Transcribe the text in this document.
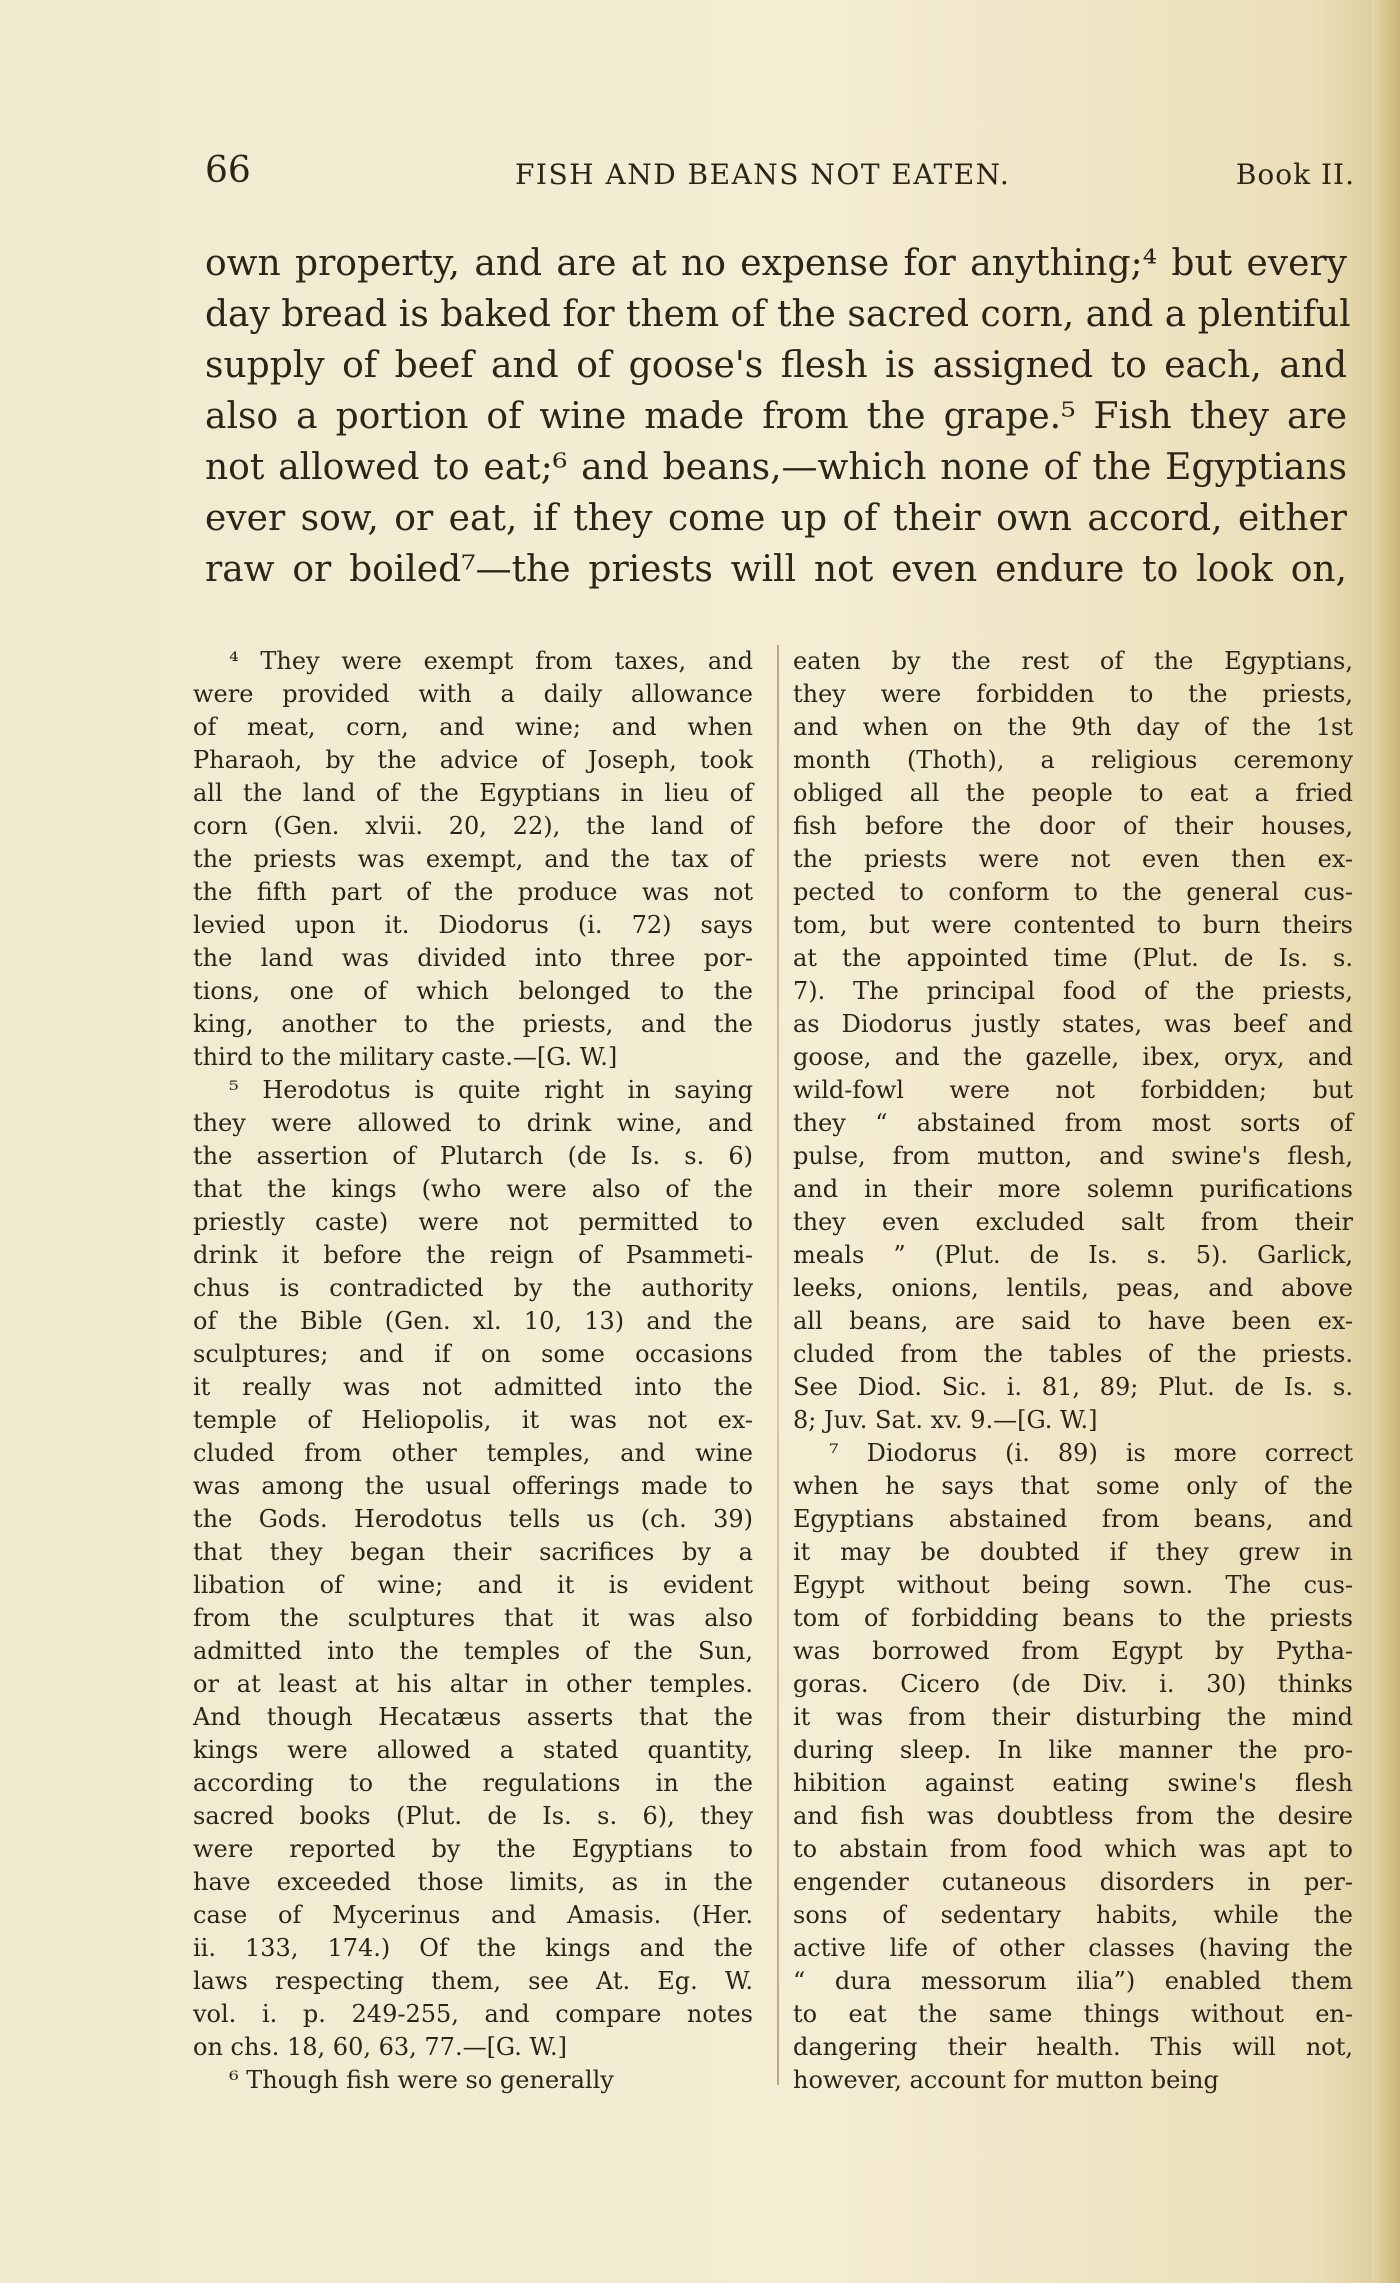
66	FISH AND BEANS NOT EATEN.	Book II.
own property, and are at no expense for anything;⁴ but every
day bread is baked for them of the sacred corn, and a plentiful
supply of beef and of goose's flesh is assigned to each, and
also a portion of wine made from the grape.⁵ Fish they are
not allowed to eat;⁶ and beans,—which none of the Egyptians
ever sow, or eat, if they come up of their own accord, either
raw or boiled⁷—the priests will not even endure to look on,
⁴ They were exempt from taxes, and
were provided with a daily allowance
of meat, corn, and wine; and when
Pharaoh, by the advice of Joseph, took
all the land of the Egyptians in lieu of
corn (Gen. xlvii. 20, 22), the land of
the priests was exempt, and the tax of
the fifth part of the produce was not
levied upon it. Diodorus (i. 72) says
the land was divided into three por-
tions, one of which belonged to the
king, another to the priests, and the
third to the military caste.—[G. W.]
⁵ Herodotus is quite right in saying
they were allowed to drink wine, and
the assertion of Plutarch (de Is. s. 6)
that the kings (who were also of the
priestly caste) were not permitted to
drink it before the reign of Psammeti-
chus is contradicted by the authority
of the Bible (Gen. xl. 10, 13) and the
sculptures; and if on some occasions
it really was not admitted into the
temple of Heliopolis, it was not ex-
cluded from other temples, and wine
was among the usual offerings made to
the Gods. Herodotus tells us (ch. 39)
that they began their sacrifices by a
libation of wine; and it is evident
from the sculptures that it was also
admitted into the temples of the Sun,
or at least at his altar in other temples.
And though Hecatæus asserts that the
kings were allowed a stated quantity,
according to the regulations in the
sacred books (Plut. de Is. s. 6), they
were reported by the Egyptians to
have exceeded those limits, as in the
case of Mycerinus and Amasis. (Her.
ii. 133, 174.) Of the kings and the
laws respecting them, see At. Eg. W.
vol. i. p. 249-255, and compare notes
on chs. 18, 60, 63, 77.—[G. W.]
⁶ Though fish were so generally
eaten by the rest of the Egyptians,
they were forbidden to the priests,
and when on the 9th day of the 1st
month (Thoth), a religious ceremony
obliged all the people to eat a fried
fish before the door of their houses,
the priests were not even then ex-
pected to conform to the general cus-
tom, but were contented to burn theirs
at the appointed time (Plut. de Is. s.
7). The principal food of the priests,
as Diodorus justly states, was beef and
goose, and the gazelle, ibex, oryx, and
wild-fowl were not forbidden; but
they “ abstained from most sorts of
pulse, from mutton, and swine's flesh,
and in their more solemn purifications
they even excluded salt from their
meals ” (Plut. de Is. s. 5). Garlick,
leeks, onions, lentils, peas, and above
all beans, are said to have been ex-
cluded from the tables of the priests.
See Diod. Sic. i. 81, 89; Plut. de Is. s.
8; Juv. Sat. xv. 9.—[G. W.]
⁷ Diodorus (i. 89) is more correct
when he says that some only of the
Egyptians abstained from beans, and
it may be doubted if they grew in
Egypt without being sown. The cus-
tom of forbidding beans to the priests
was borrowed from Egypt by Pytha-
goras. Cicero (de Div. i. 30) thinks
it was from their disturbing the mind
during sleep. In like manner the pro-
hibition against eating swine's flesh
and fish was doubtless from the desire
to abstain from food which was apt to
engender cutaneous disorders in per-
sons of sedentary habits, while the
active life of other classes (having the
“ dura messorum ilia”) enabled them
to eat the same things without en-
dangering their health. This will not,
however, account for mutton being
